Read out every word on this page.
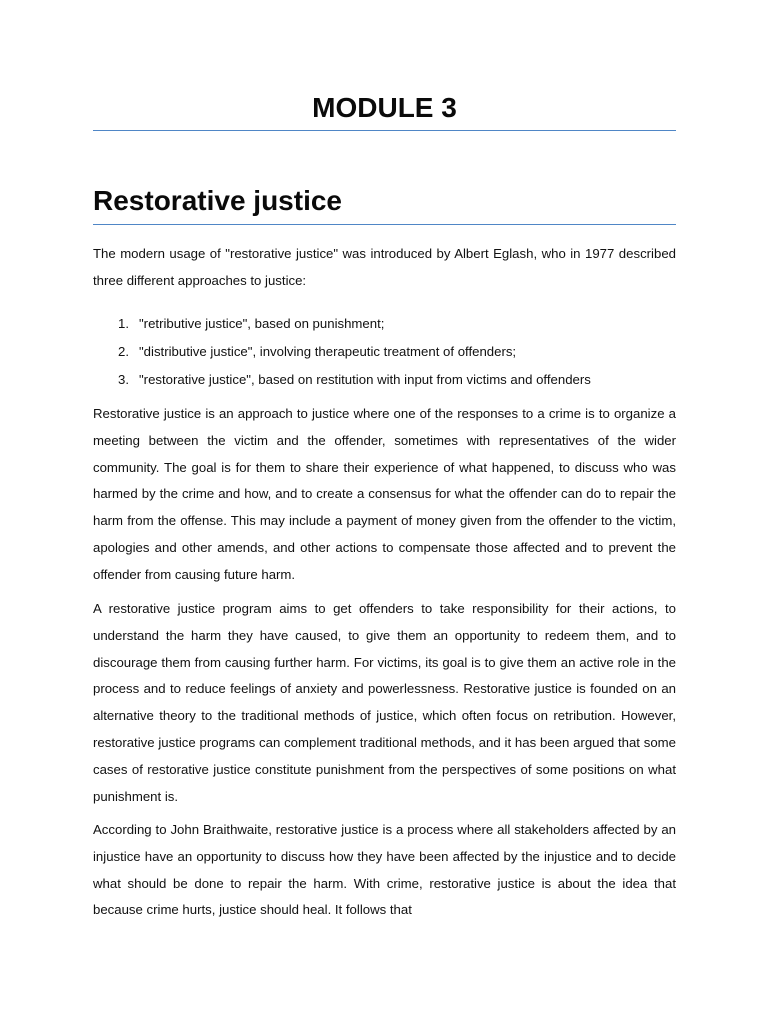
MODULE 3
Restorative justice

The modern usage of "restorative justice" was introduced by Albert Eglash, who in 1977 described three different approaches to justice:

1. "retributive justice", based on punishment;
2. "distributive justice", involving therapeutic treatment of offenders;
3. "restorative justice", based on restitution with input from victims and offenders

Restorative justice is an approach to justice where one of the responses to a crime is to organize a meeting between the victim and the offender, sometimes with representatives of the wider community. The goal is for them to share their experience of what happened, to discuss who was harmed by the crime and how, and to create a consensus for what the offender can do to repair the harm from the offense. This may include a payment of money given from the offender to the victim, apologies and other amends, and other actions to compensate those affected and to prevent the offender from causing future harm.

A restorative justice program aims to get offenders to take responsibility for their actions, to understand the harm they have caused, to give them an opportunity to redeem them, and to discourage them from causing further harm. For victims, its goal is to give them an active role in the process and to reduce feelings of anxiety and powerlessness. Restorative justice is founded on an alternative theory to the traditional methods of justice, which often focus on retribution. However, restorative justice programs can complement traditional methods, and it has been argued that some cases of restorative justice constitute punishment from the perspectives of some positions on what punishment is.

According to John Braithwaite, restorative justice is a process where all stakeholders affected by an injustice have an opportunity to discuss how they have been affected by the injustice and to decide what should be done to repair the harm. With crime, restorative justice is about the idea that because crime hurts, justice should heal. It follows that
